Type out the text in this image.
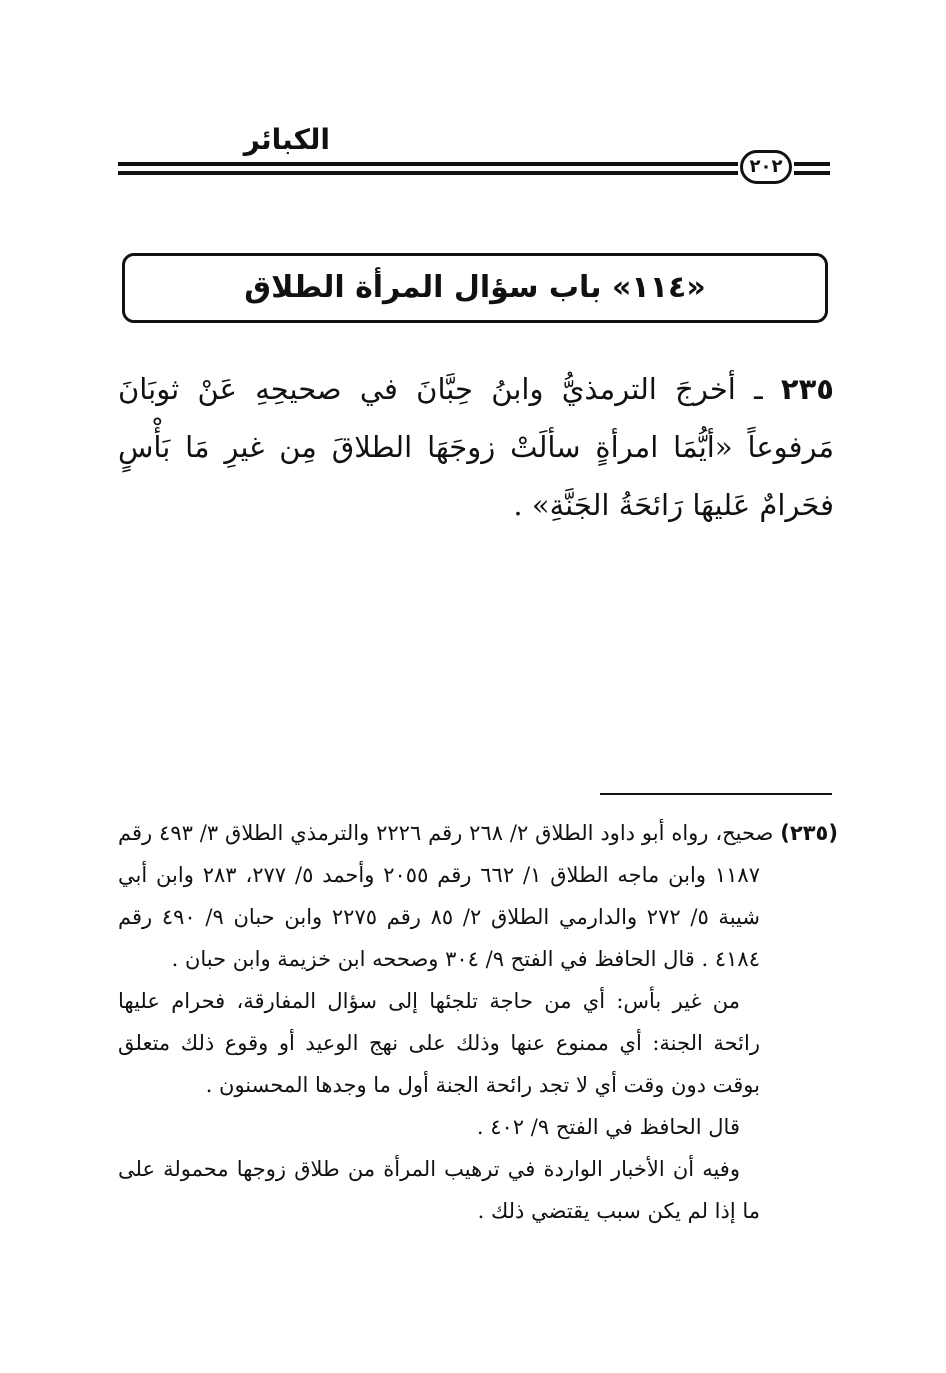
الكبائر
٢٠٢
«١١٤» باب سؤال المرأة الطلاق
٢٣٥ ـ أخرجَ الترمذيُّ وابنُ حِبَّانَ في صحيحِهِ عَنْ ثوبَانَ مَرفوعاً «أيُّمَا امرأةٍ سألَتْ زوجَهَا الطلاقَ مِن غيرِ مَا بَأْسٍ فحَرامٌ عَليهَا رَائحَةُ الجَنَّةِ» .

(٢٣٥) صحيح، رواه أبو داود الطلاق ٢/ ٢٦٨ رقم ٢٢٢٦ والترمذي الطلاق ٣/ ٤٩٣ رقم ١١٨٧ وابن ماجه الطلاق ١/ ٦٦٢ رقم ٢٠٥٥ وأحمد ٥/ ٢٧٧، ٢٨٣ وابن أبي شيبة ٥/ ٢٧٢ والدارمي الطلاق ٢/ ٨٥ رقم ٢٢٧٥ وابن حبان ٩/ ٤٩٠ رقم ٤١٨٤ . قال الحافظ في الفتح ٩/ ٣٠٤ وصححه ابن خزيمة وابن حبان .

من غير بأس: أي من حاجة تلجئها إلى سؤال المفارقة، فحرام عليها رائحة الجنة: أي ممنوع عنها وذلك على نهج الوعيد أو وقوع ذلك متعلق بوقت دون وقت أي لا تجد رائحة الجنة أول ما وجدها المحسنون .

قال الحافظ في الفتح ٩/ ٤٠٢ .

وفيه أن الأخبار الواردة في ترهيب المرأة من طلاق زوجها محمولة على ما إذا لم يكن سبب يقتضي ذلك .
